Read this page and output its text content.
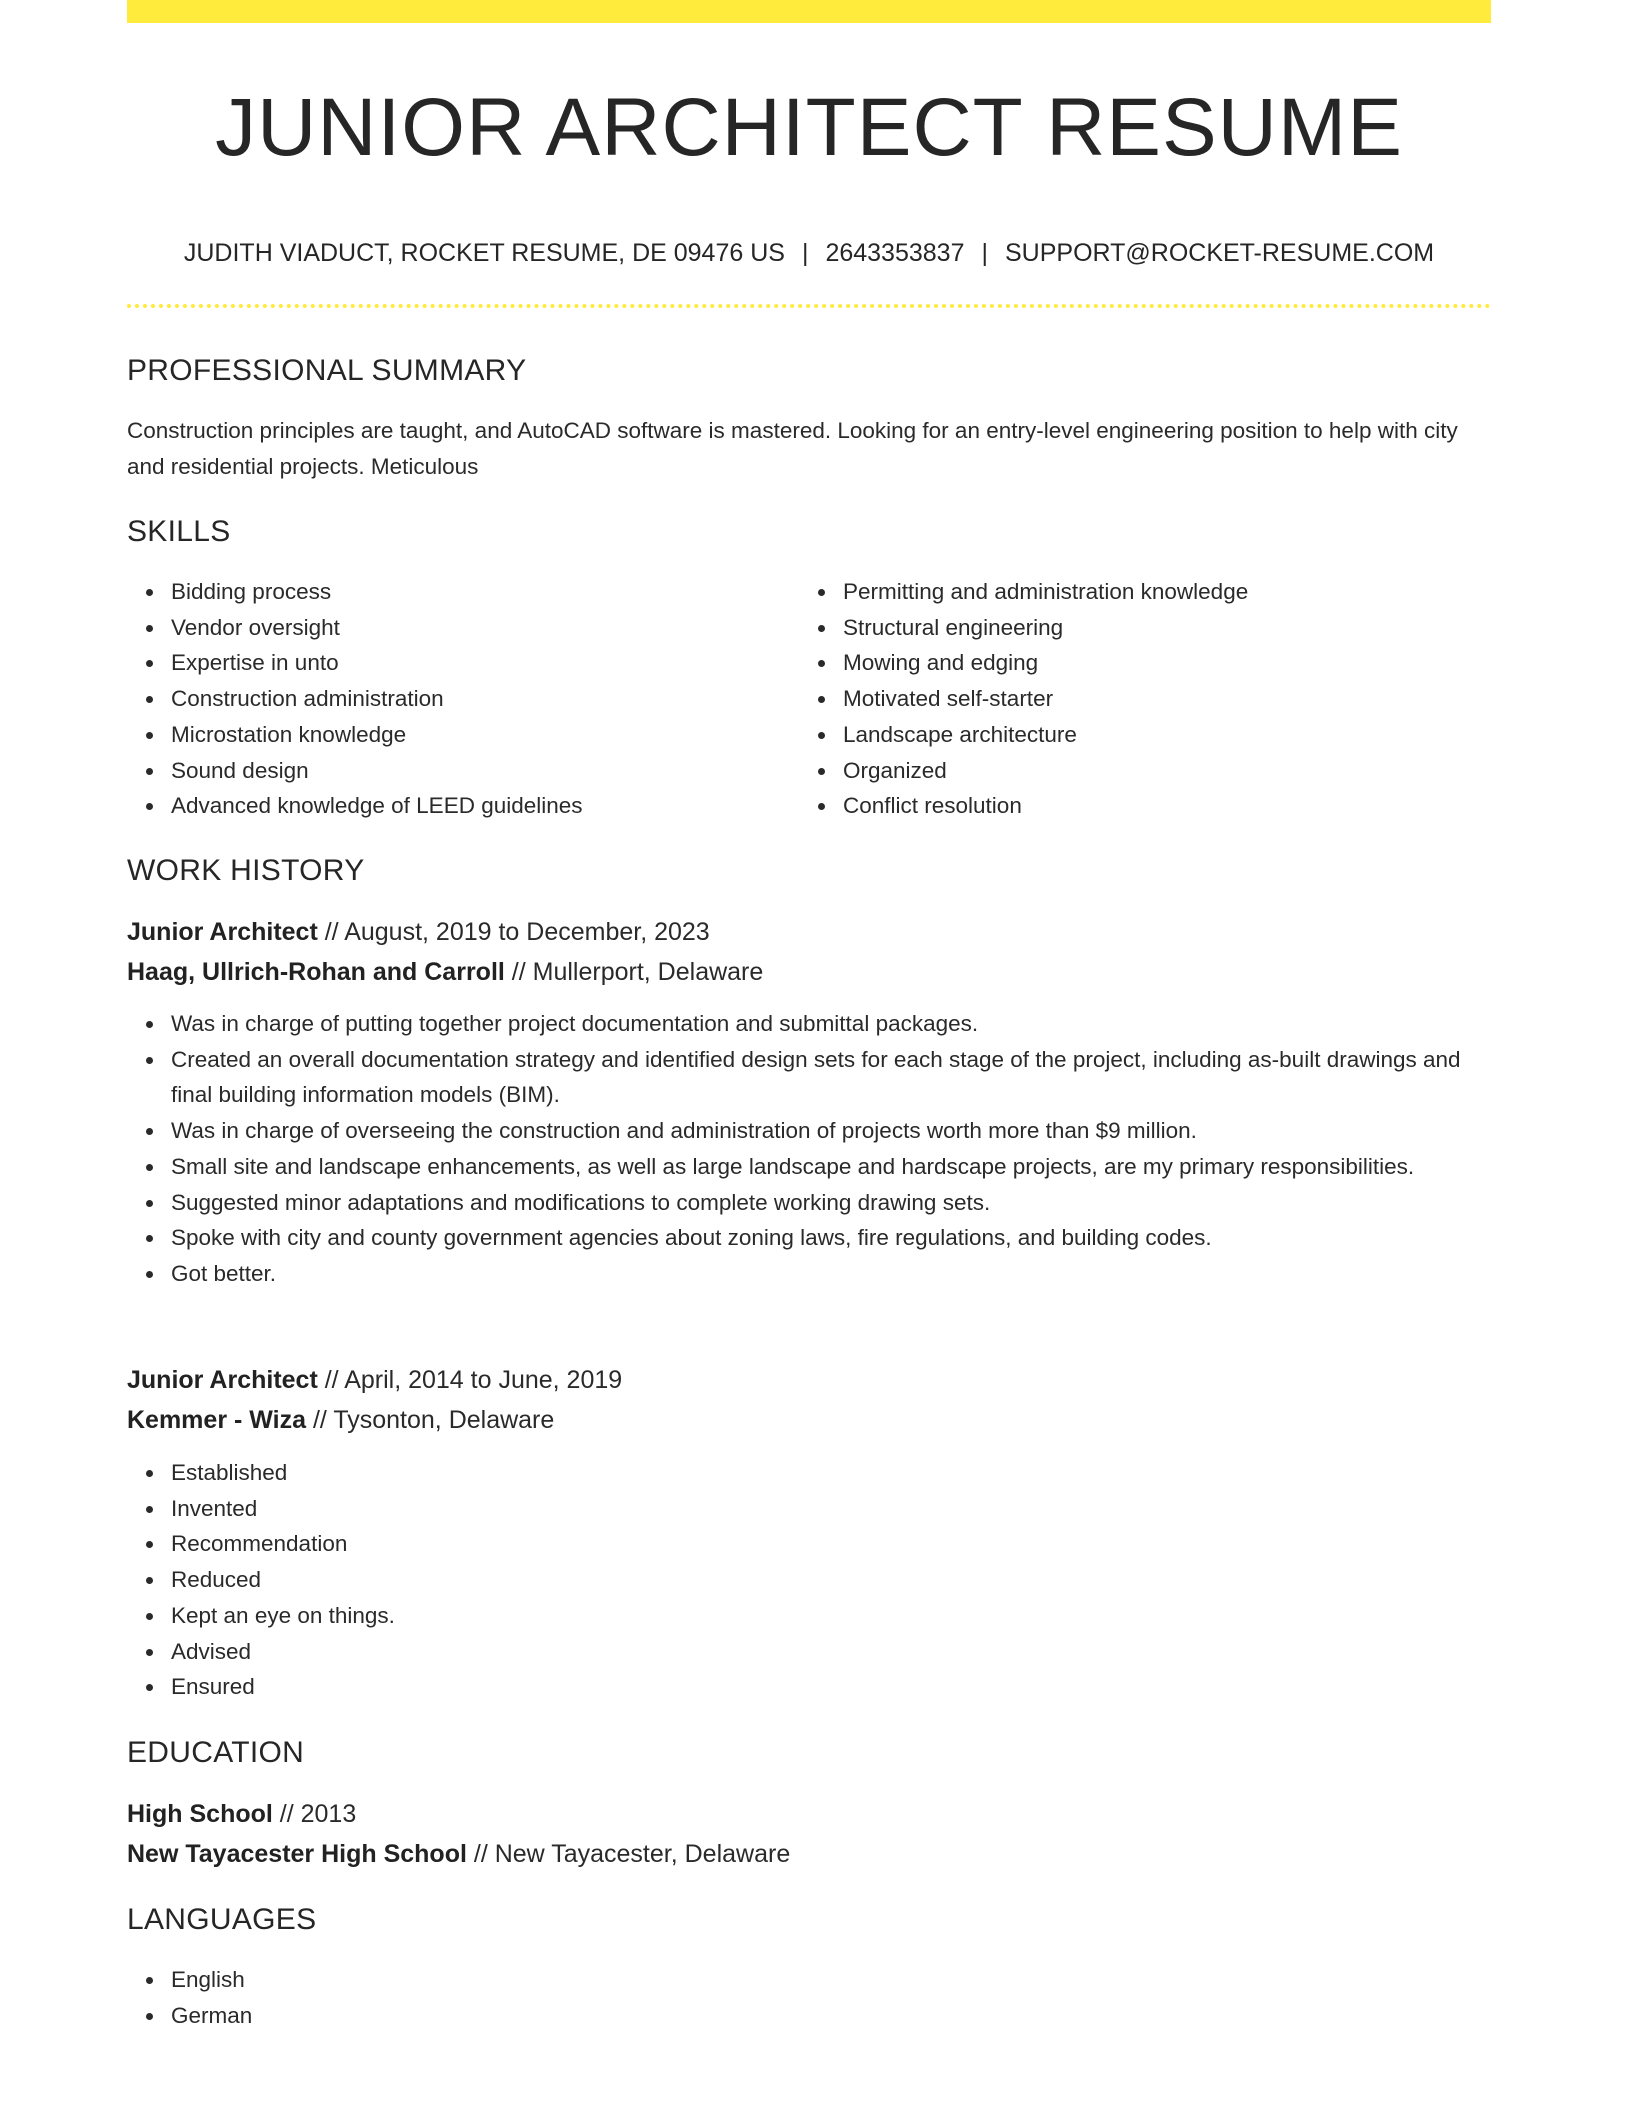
JUNIOR ARCHITECT RESUME
JUDITH VIADUCT, ROCKET RESUME, DE 09476 US | 2643353837 | SUPPORT@ROCKET-RESUME.COM
PROFESSIONAL SUMMARY

Construction principles are taught, and AutoCAD software is mastered. Looking for an entry-level engineering position to help with city and residential projects. Meticulous

SKILLS
Bidding process
Vendor oversight
Expertise in unto
Construction administration
Microstation knowledge
Sound design
Advanced knowledge of LEED guidelines
Permitting and administration knowledge
Structural engineering
Mowing and edging
Motivated self-starter
Landscape architecture
Organized
Conflict resolution
WORK HISTORY
Junior Architect // August, 2019 to December, 2023
Haag, Ullrich-Rohan and Carroll // Mullerport, Delaware
Was in charge of putting together project documentation and submittal packages.
Created an overall documentation strategy and identified design sets for each stage of the project, including as-built drawings and final building information models (BIM).
Was in charge of overseeing the construction and administration of projects worth more than $9 million.
Small site and landscape enhancements, as well as large landscape and hardscape projects, are my primary responsibilities.
Suggested minor adaptations and modifications to complete working drawing sets.
Spoke with city and county government agencies about zoning laws, fire regulations, and building codes.
Got better.
Junior Architect // April, 2014 to June, 2019
Kemmer - Wiza // Tysonton, Delaware
Established
Invented
Recommendation
Reduced
Kept an eye on things.
Advised
Ensured
EDUCATION
High School // 2013
New Tayacester High School // New Tayacester, Delaware
LANGUAGES
English
German
